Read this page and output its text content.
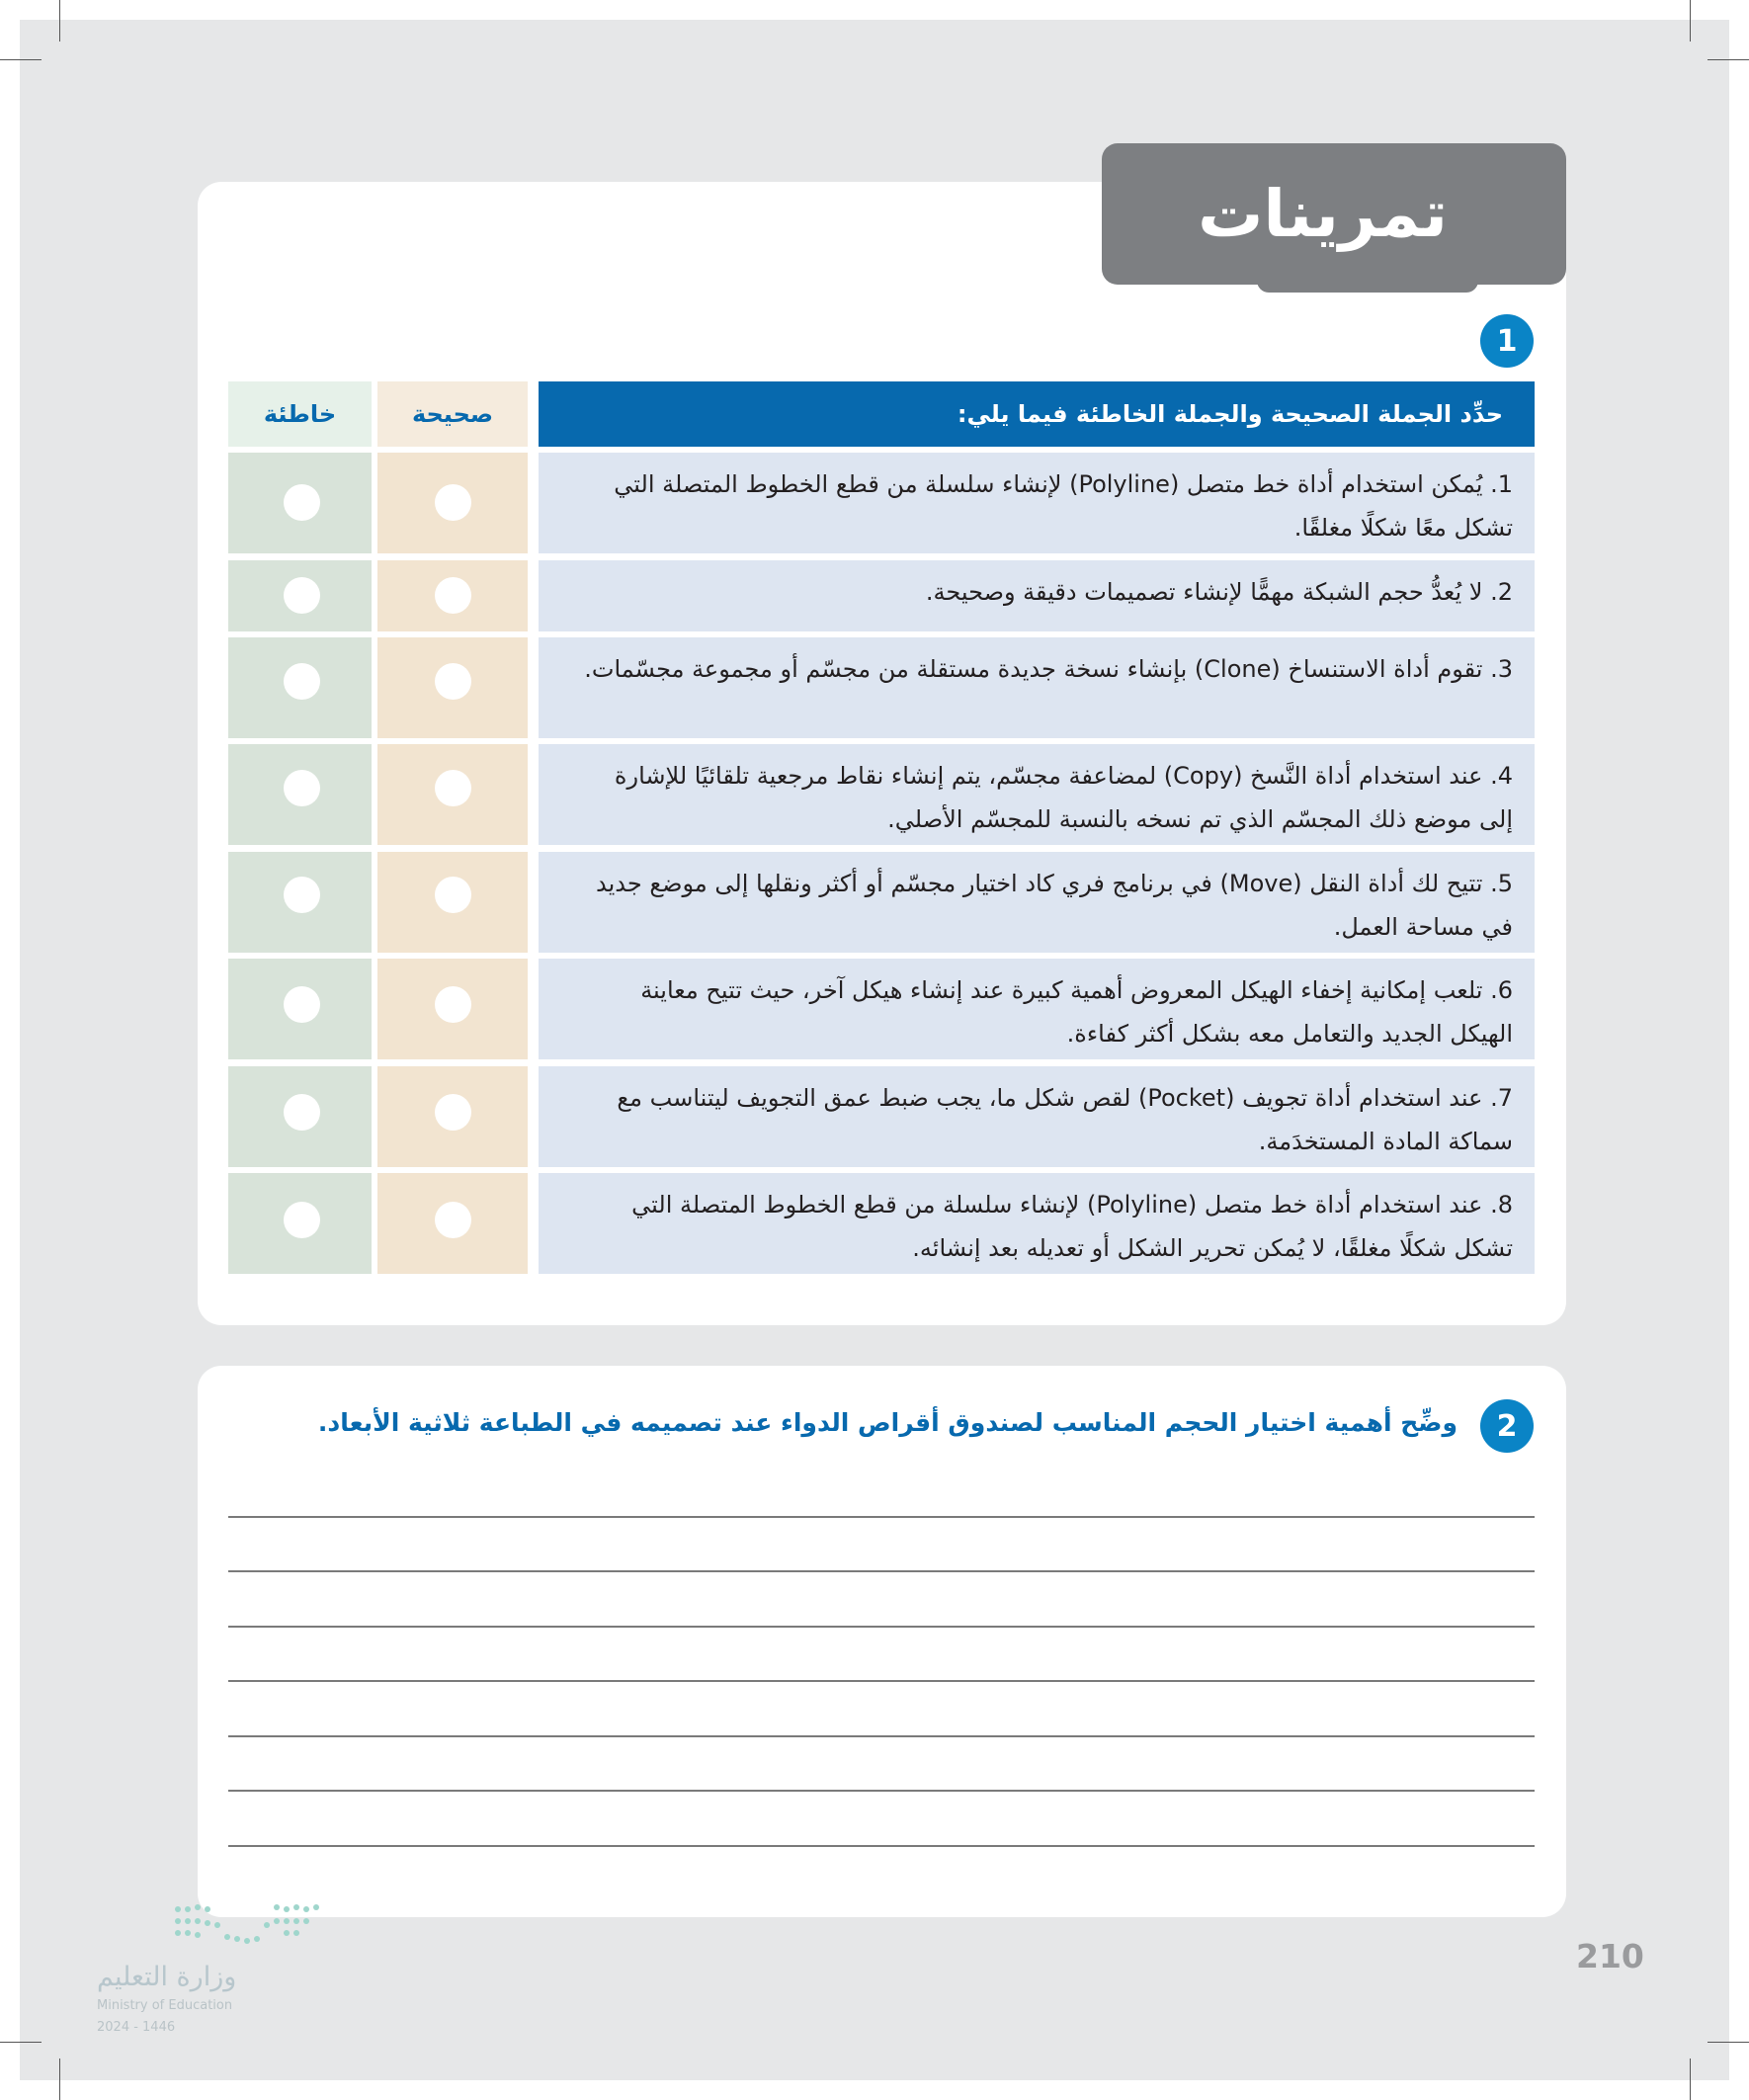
تمرينات
1
حدِّد الجملة الصحيحة والجملة الخاطئة فيما يلي:
صحيحة
خاطئة
1. يُمكن استخدام أداة خط متصل (Polyline) لإنشاء سلسلة من قطع الخطوط المتصلة التي تشكل معًا شكلًا مغلقًا.
2. لا يُعدُّ حجم الشبكة مهمًّا لإنشاء تصميمات دقيقة وصحيحة.
3. تقوم أداة الاستنساخ (Clone) بإنشاء نسخة جديدة مستقلة من مجسّم أو مجموعة مجسّمات.
4. عند استخدام أداة النَّسخ (Copy) لمضاعفة مجسّم، يتم إنشاء نقاط مرجعية تلقائيًا للإشارة إلى موضع ذلك المجسّم الذي تم نسخه بالنسبة للمجسّم الأصلي.
5. تتيح لك أداة النقل (Move) في برنامج فري كاد اختيار مجسّم أو أكثر ونقلها إلى موضع جديد في مساحة العمل.
6. تلعب إمكانية إخفاء الهيكل المعروض أهمية كبيرة عند إنشاء هيكل آخر، حيث تتيح معاينة الهيكل الجديد والتعامل معه بشكل أكثر كفاءة.
7. عند استخدام أداة تجويف (Pocket) لقص شكل ما، يجب ضبط عمق التجويف ليتناسب مع سماكة المادة المستخدَمة.
8. عند استخدام أداة خط متصل (Polyline) لإنشاء سلسلة من قطع الخطوط المتصلة التي تشكل شكلًا مغلقًا، لا يُمكن تحرير الشكل أو تعديله بعد إنشائه.
2
وضِّح أهمية اختيار الحجم المناسب لصندوق أقراص الدواء عند تصميمه في الطباعة ثلاثية الأبعاد.
وزارة التعليم
Ministry of Education
2024 - 1446
210
